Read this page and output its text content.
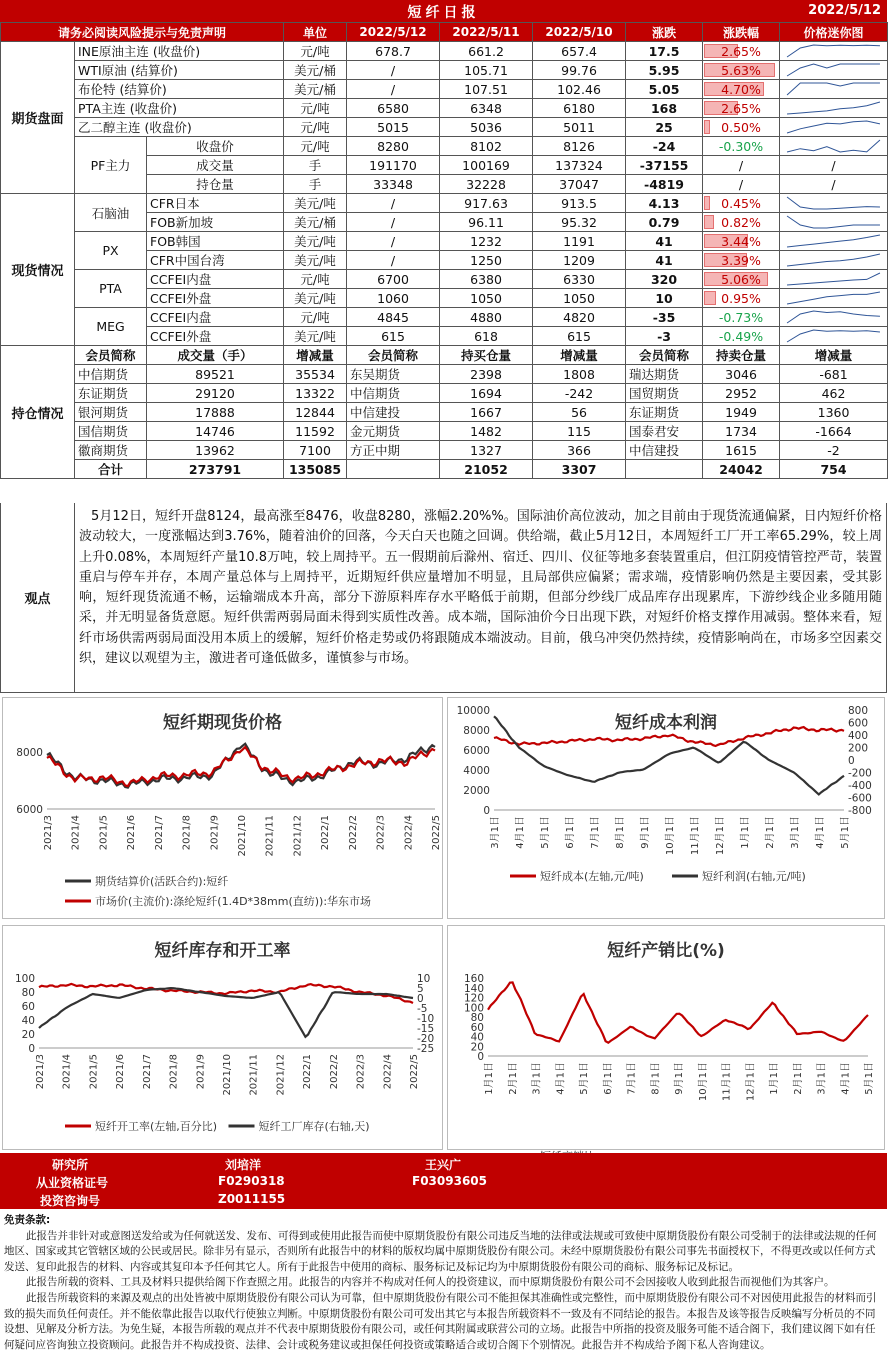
短纤日报	2022/5/12
请务必阅读风险提示与免责声明			单位	2022/5/12	2022/5/11	2022/5/10	涨跌	涨跌幅	价格迷你图
期货盘面	INE原油主连 (收盘价)		元/吨	678.7	661.2	657.4	17.5	2.65%	

	WTI原油 (结算价)		美元/桶	/	105.71	99.76	5.95	5.63%	

	布伦特 (结算价)		美元/桶	/	107.51	102.46	5.05	4.70%	

	PTA主连 (收盘价)		元/吨	6580	6348	6180	168	2.65%	

	乙二醇主连 (收盘价)		元/吨	5015	5036	5011	25	0.50%	

	PF主力	收盘价	元/吨	8280	8102	8126	-24	-0.30%	

		成交量	手	191170	100169	137324	-37155	/	/
		持仓量	手	33348	32228	37047	-4819	/	/
现货情况	石脑油	CFR日本	美元/吨	/	917.63	913.5	4.13	0.45%	

		FOB新加坡	美元/桶	/	96.11	95.32	0.79	0.82%	

	PX	FOB韩国	美元/吨	/	1232	1191	41	3.44%	

		CFR中国台湾	美元/吨	/	1250	1209	41	3.39%	

	PTA	CCFEI内盘	元/吨	6700	6380	6330	320	5.06%	

		CCFEI外盘	美元/吨	1060	1050	1050	10	0.95%	

	MEG	CCFEI内盘	元/吨	4845	4880	4820	-35	-0.73%	

		CCFEI外盘	美元/吨	615	618	615	-3	-0.49%	

持仓情况	会员简称	成交量（手）	增减量	会员简称	持买仓量	增减量	会员简称	持卖仓量	增减量
	中信期货	89521	35534	东吴期货	2398	1808	瑞达期货	3046	-681
	东证期货	29120	13322	中信期货	1694	-242	国贸期货	2952	462
	银河期货	17888	12844	中信建投	1667	56	东证期货	1949	1360
	国信期货	14746	11592	金元期货	1482	115	国泰君安	1734	-1664
	徽商期货	13962	7100	方正中期	1327	366	中信建投	1615	-2
	合计	273791	135085		21052	3307		24042	754
观点
5月12日，短纤开盘8124，最高涨至8476，收盘8280，涨幅2.20%%。国际油价高位波动，加之目前由于现货流通偏紧，日内短纤价格波动较大，一度涨幅达到3.76%，随着油价的回落，今天白天也随之回调。供给端，截止5月12日，本周短纤工厂开工率65.29%，较上周上升0.08%，本周短纤产量10.8万吨，较上周持平。五一假期前后滁州、宿迁、四川、仪征等地多套装置重启，但江阴疫情管控严苛，装置重启与停车并存，本周产量总体与上周持平，近期短纤供应量增加不明显，且局部供应偏紧；需求端，疫情影响仍然是主要因素，受其影响，短纤现货流通不畅，运输端成本升高，部分下游原料库存水平略低于前期，但部分纱线厂成品库存出现累库，下游纱线企业多随用随采，并无明显备货意愿。短纤供需两弱局面未得到实质性改善。成本端，国际油价今日出现下跌，对短纤价格支撑作用减弱。整体来看，短纤市场供需两弱局面没用本质上的缓解，短纤价格走势或仍将跟随成本端波动。目前，俄乌冲突仍然持续，疫情影响尚在，市场多空因素交织，建议以观望为主，激进者可逢低做多，谨慎参与市场。
短纤期现货价格
6000
8000
2021/3 2021/4 2021/5 2021/6 2021/7 2021/8 2021/9 2021/10 2021/11 2021/12 2022/1 2022/2 2022/3 2022/4 2022/5
期货结算价(活跃合约):短纤
市场价(主流价):涤纶短纤(1.4D*38mm(直纺)):华东市场
短纤成本利润
0
2000
4000
6000
8000
10000
-800
-600
-400
-200
0
200
400
600
800
3月1日 4月1日 5月1日 6月1日 7月1日 8月1日 9月1日 10月1日 11月1日 12月1日 1月1日 2月1日 3月1日 4月1日 5月1日
短纤成本(左轴,元/吨)	短纤利润(右轴,元/吨)
短纤库存和开工率
0
20
40
60
80
100
-25
-20
-15
-10
-5
0
5
10
2021/3 2021/4 2021/5 2021/6 2021/7 2021/8 2021/9 2021/10 2021/11 2021/12 2022/1 2022/2 2022/3 2022/4 2022/5
短纤开工率(左轴,百分比)	短纤工厂库存(右轴,天)
短纤产销比(%)
0
20
40
60
80
100
120
140
160
1月1日 2月1日 3月1日 4月1日 5月1日 6月1日 7月1日 8月1日 9月1日 10月1日 11月1日 12月1日 1月1日 2月1日 3月1日 4月1日 5月1日
研究所
从业资格证号
投资咨询号
刘培洋
F0290318
Z0011155
王兴广
F03093605
免责条款:

此报告并非针对或意图送发给或为任何就送发、发布、可得到或使用此报告而使中原期货股份有限公司违反当地的法律或法规或可致使中原期货股份有限公司受制于的法律或法规的任何地区、国家或其它管辖区域的公民或居民。除非另有显示，否则所有此报告中的材料的版权均属中原期货股份有限公司。未经中原期货股份有限公司事先书面授权下，不得更改或以任何方式发送、复印此报告的材料、内容或其复印本予任何其它人。所有于此报告中使用的商标、服务标记及标记均为中原期货股份有限公司的商标、服务标记及标记。

此报告所载的资料、工具及材料只提供给阁下作查照之用。此报告的内容并不构成对任何人的投资建议，而中原期货股份有限公司不会因接收人收到此报告而视他们为其客户。

此报告所载资料的来源及观点的出处皆被中原期货股份有限公司认为可靠，但中原期货股份有限公司不能担保其准确性或完整性，而中原期货股份有限公司不对因使用此报告的材料而引致的损失而负任何责任。并不能依靠此报告以取代行使独立判断。中原期货股份有限公司可发出其它与本报告所载资料不一致及有不同结论的报告。本报告及该等报告反映编写分析员的不同设想、见解及分析方法。为免生疑，本报告所载的观点并不代表中原期货股份有限公司，或任何其附属或联营公司的立场。此报告中所指的投资及服务可能不适合阁下，我们建议阁下如有任何疑问应咨询独立投资顾问。此报告并不构成投资、法律、会计或税务建议或担保任何投资或策略适合或切合阁下个别情况。此报告并不构成给予阁下私人咨询建议。
